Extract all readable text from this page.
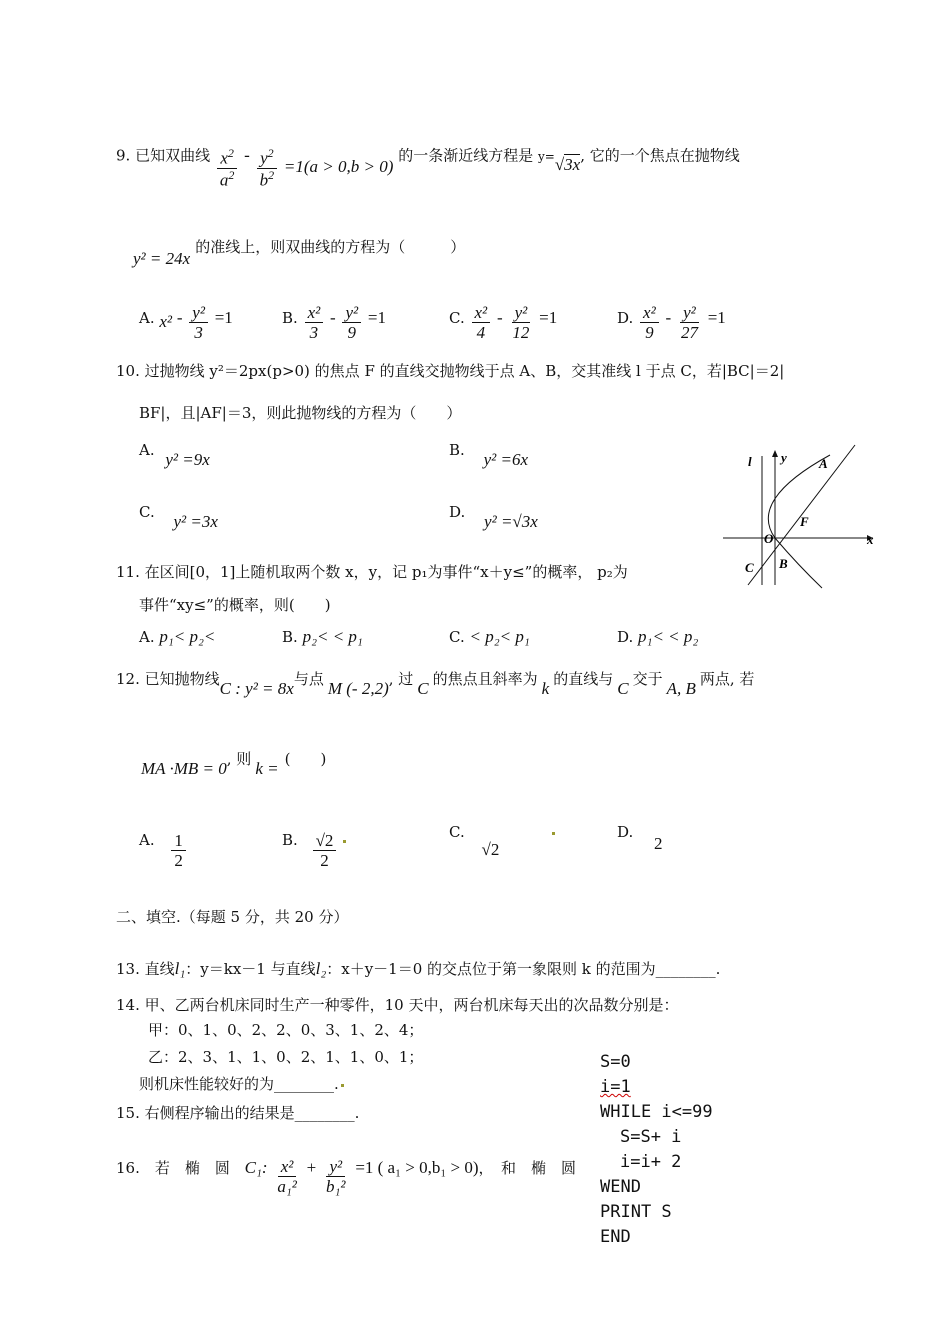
9. 已知双曲线 $\frac{x^2}{a^2} - \frac{y^2}{b^2} =1(a > 0,b > 0)$ 的一条渐近线方程是 y=√3x, 它的一个焦点在抛物线
y² = 24x 的准线上，则双曲线的方程为（　　　）
A. $x^2 - \frac{\text{y²}}{3} =1$	B. $\frac{\text{x²}}{3} - \frac{\text{y²}}{9} =1$	C. $\frac{\text{x²}}{4} - \frac{\text{y²}}{12} =1$	D. $\frac{\text{x²}}{9} - \frac{\text{y²}}{27} =1$
10. 过抛物线 y²＝2px(p>0) 的焦点 F 的直线交抛物线于点 A、B，交其准线 l 于点 C，若|BC|＝2|
BF|，且|AF|＝3，则此抛物线的方程为（　　）
A. y² =9x	B. y² =6x
C. y² =3x	D. y² =√3x
l y A
F
O	x
C B
11. 在区间[0，1]上随机取两个数 x，y，记 p₁为事件“x＋y≤”的概率， p₂为
事件“xy≤”的概率，则(　　)
A. p₁< p₂<	B. p₂< < p₁	C. < p₂< p₁	D. p₁< < p₂
12. 已知抛物线C : y² = 8x与点 M (- 2,2), 过 C 的焦点且斜率为 k 的直线与 C 交于 A, B 两点, 若
MA ·MB = 0, 则 k = (　　)
A. $\frac{1}{2}$	B. $\frac{√2}{2}$
	C. √2
D. 2
二、填空.（每题 5 分，共 20 分）
13. 直线l₁：y＝kx－1 与直线l₂：x＋y－1＝0 的交点位于第一象限则 k 的范围为________.
14. 甲、乙两台机床同时生产一种零件，10 天中，两台机床每天出的次品数分别是：
甲：0、1、0、2、2、0、3、1、2、4；
乙：2、3、1、1、0、2、1、1、0、1；
则机床性能较好的为________.
15. 右侧程序输出的结果是________.
16.　若　椭　圆 C₁: $\frac{\text{x²}}{\text{a₁²}} + \frac{\text{y²}}{\text{b₁²}} =1$ ( a₁ > 0,b₁ > 0)，　和　椭　圆
S=0
i=1
WHILE i<=99
S=S+ i
i=i+ 2
WEND
PRINT S
END
